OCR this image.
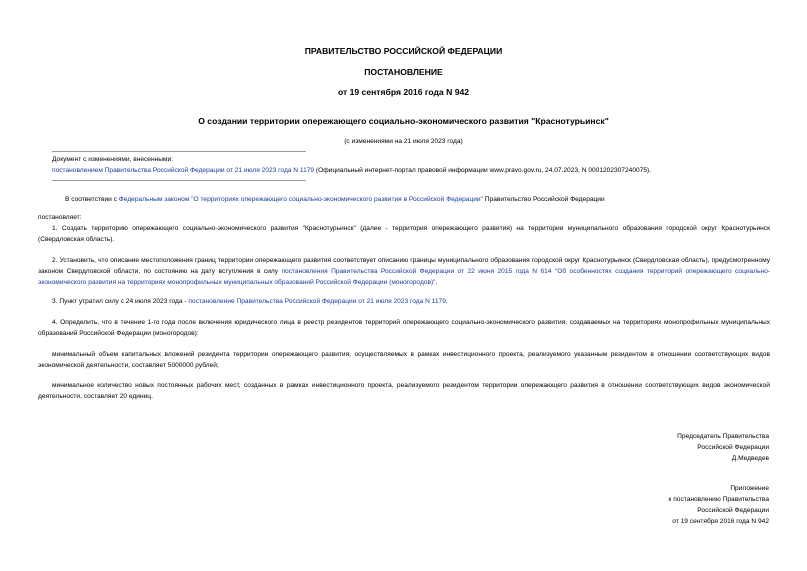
ПРАВИТЕЛЬСТВО РОССИЙСКОЙ ФЕДЕРАЦИИ
ПОСТАНОВЛЕНИЕ
от 19 сентября 2016 года N 942
О создании территории опережающего социально-экономического развития "Краснотурьинск"
(с изменениями на 21 июля 2023 года)
Документ с изменениями, внесенными:
постановлением Правительства Российской Федерации от 21 июля 2023 года N 1179 (Официальный интернет-портал правовой информации www.pravo.gov.ru, 24.07.2023, N 0001202307240075).
В соответствии с Федеральным законом "О территориях опережающего социально-экономического развития в Российской Федерации" Правительство Российской Федерации
постановляет:
1. Создать территорию опережающего социально-экономического развития "Краснотурьинск" (далее - территория опережающего развития) на территории муниципального образования городской округ Краснотурьинск (Свердловская область).
2. Установить, что описание местоположения границ территории опережающего развития соответствует описанию границы муниципального образования городской округ Краснотурьинск (Свердловская область), предусмотренному законом Свердловской области, по состоянию на дату вступления в силу постановления Правительства Российской Федерации от 22 июня 2015 года N 614 "Об особенностях создания территорий опережающего социально-экономического развития на территориях монопрофильных муниципальных образований Российской Федерации (моногородов)".
3. Пункт утратил силу с 24 июля 2023 года - постановление Правительства Российской Федерации от 21 июля 2023 года N 1179.
4. Определить, что в течение 1-го года после включения юридического лица в реестр резидентов территорий опережающего социально-экономического развития, создаваемых на территориях монопрофильных муниципальных образований Российской Федерации (моногородов):
минимальный объем капитальных вложений резидента территории опережающего развития, осуществляемых в рамках инвестиционного проекта, реализуемого указанным резидентом в отношении соответствующих видов экономической деятельности, составляет 5000000 рублей;
минимальное количество новых постоянных рабочих мест, созданных в рамках инвестиционного проекта, реализуемого резидентом территории опережающего развития в отношении соответствующих видов экономической деятельности, составляет 20 единиц.
Председатель Правительства
Российской Федерации
Д.Медведев
Приложение
к постановлению Правительства
Российской Федерации
от 19 сентября 2016 года N 942
